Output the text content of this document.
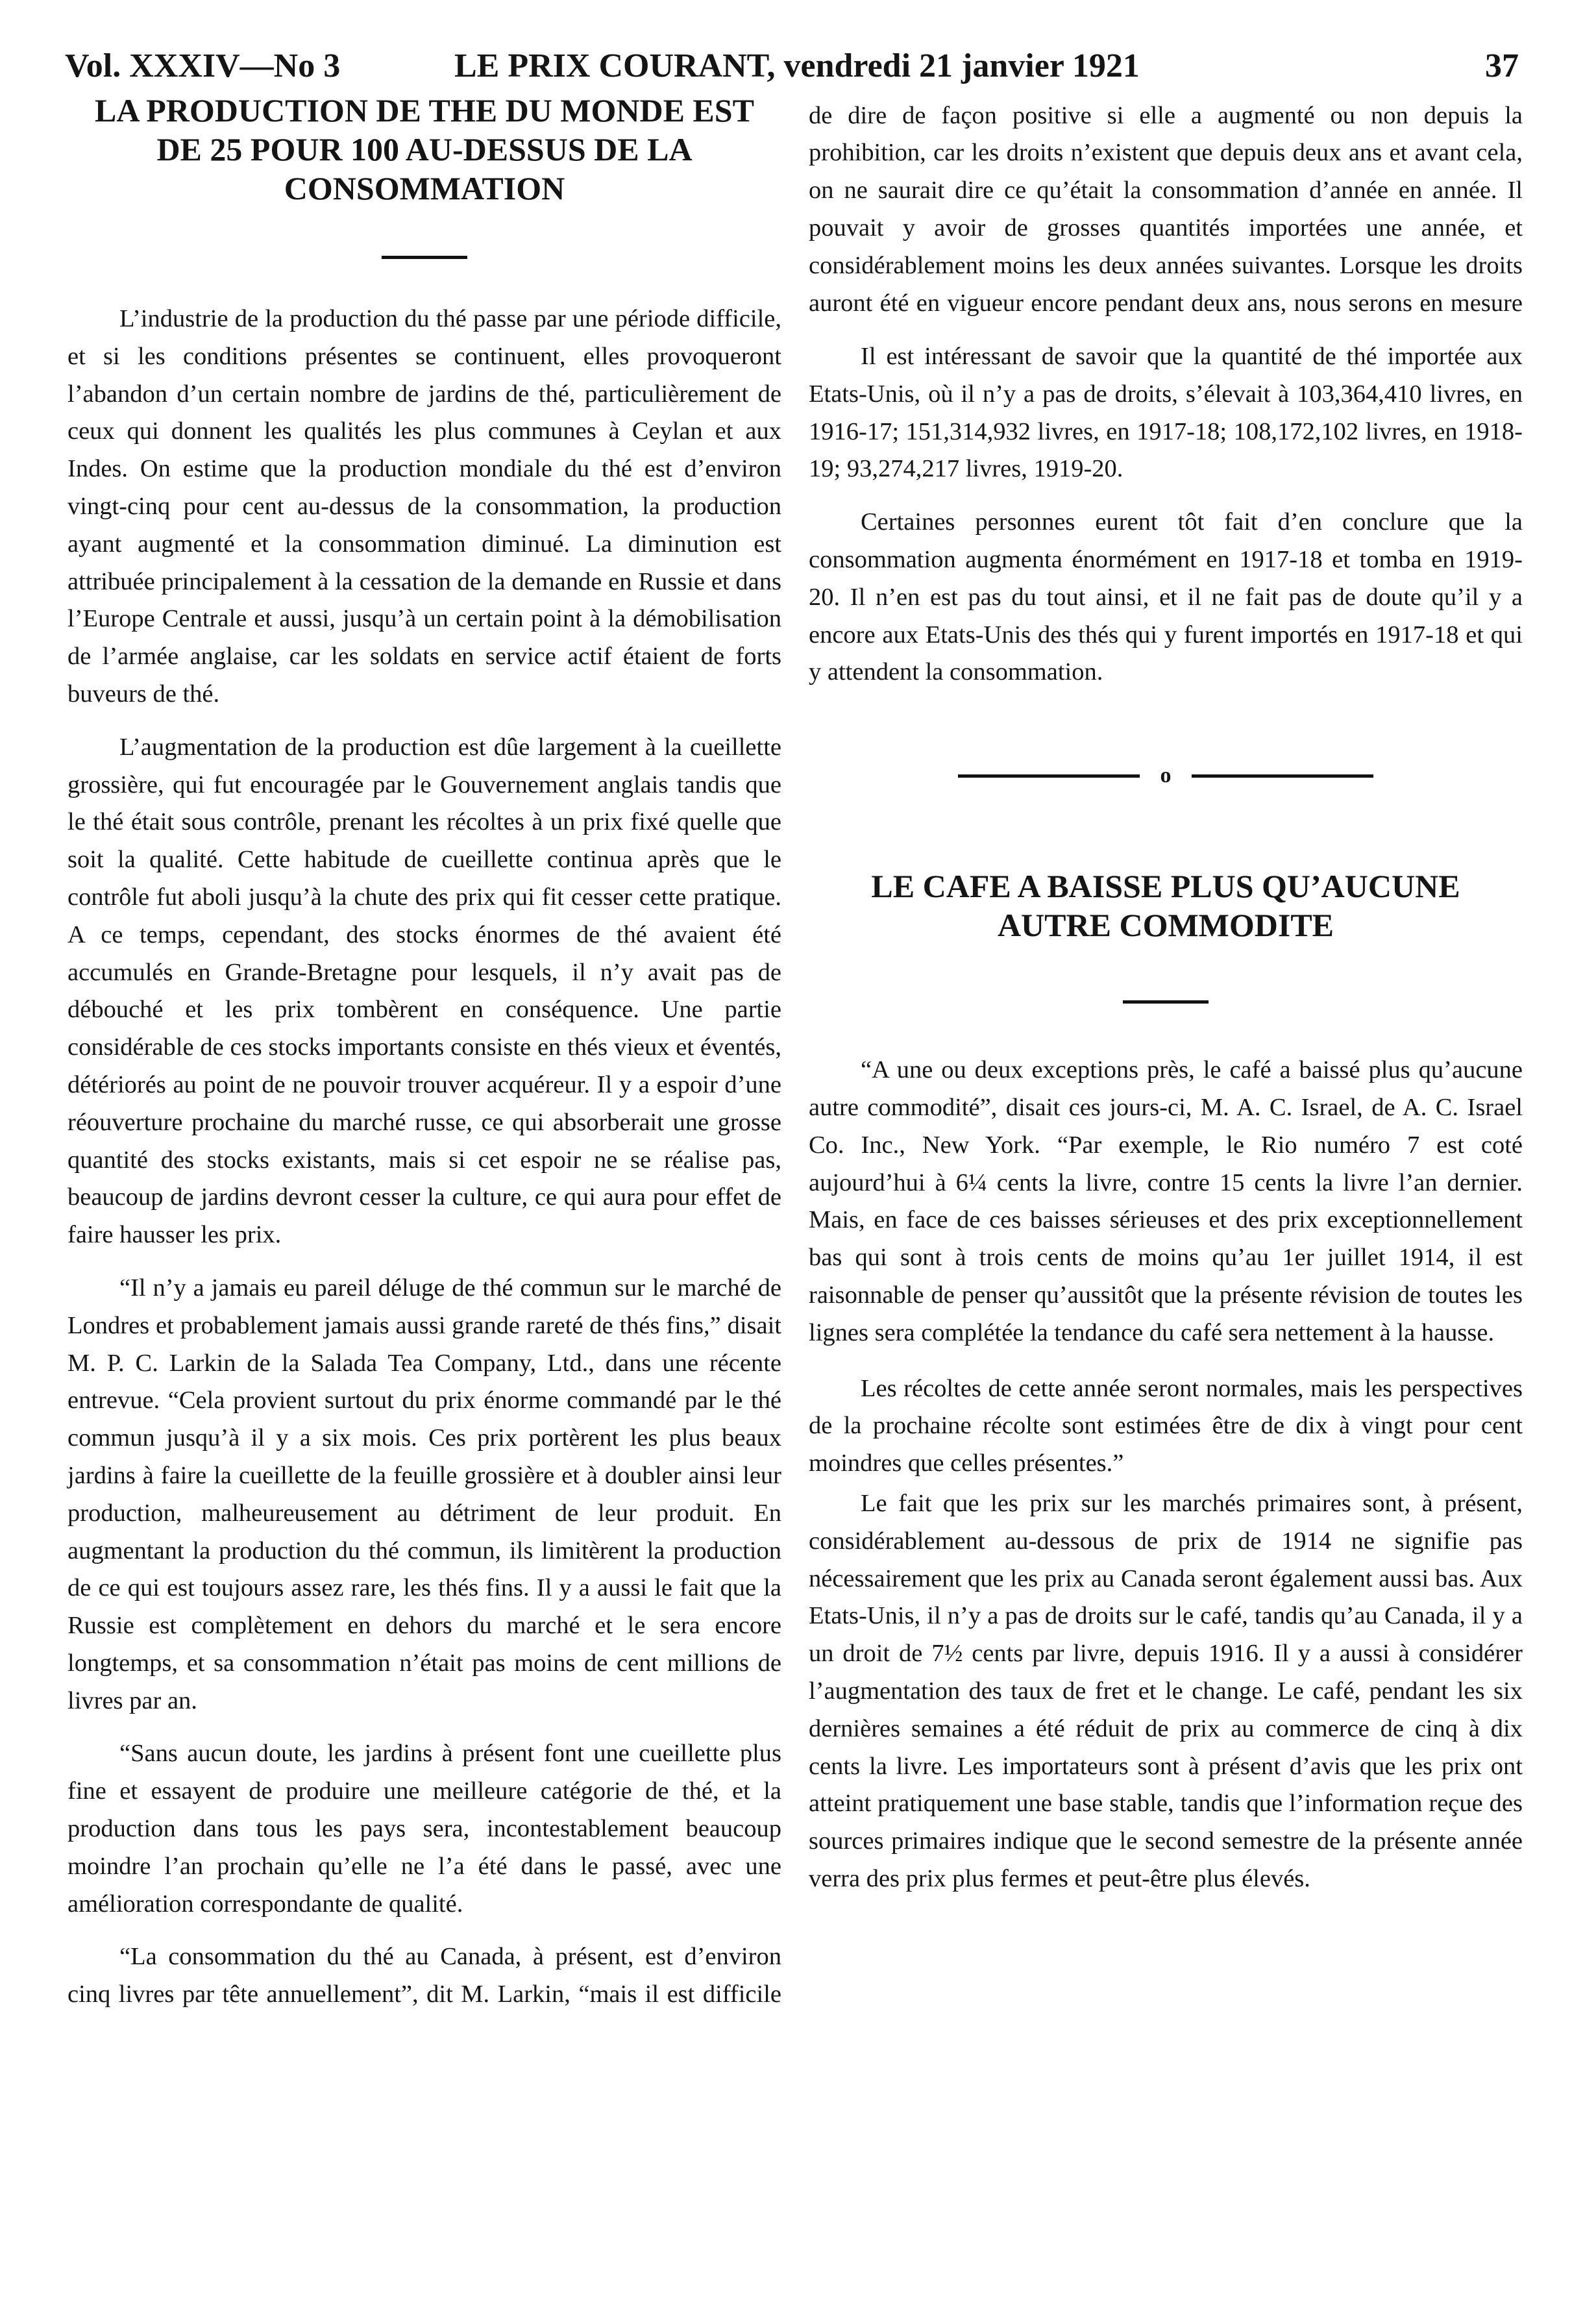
Vol. XXXIV—No 3	LE PRIX COURANT, vendredi 21 janvier 1921	37
LA PRODUCTION DE THE DU MONDE EST DE 25 POUR 100 AU-DESSUS DE LA CONSOMMATION

L’industrie de la production du thé passe par une période difficile, et si les conditions présentes se continuent, elles provoqueront l’abandon d’un certain nombre de jardins de thé, particulièrement de ceux qui donnent les qualités les plus communes à Ceylan et aux Indes. On estime que la production mondiale du thé est d’environ vingt-cinq pour cent au-dessus de la consommation, la production ayant augmenté et la consommation diminué. La diminution est attribuée principalement à la cessation de la demande en Russie et dans l’Europe Centrale et aussi, jusqu’à un certain point à la démobilisation de l’armée anglaise, car les soldats en service actif étaient de forts buveurs de thé.

L’augmentation de la production est dûe largement à la cueillette grossière, qui fut encouragée par le Gouvernement anglais tandis que le thé était sous contrôle, prenant les récoltes à un prix fixé quelle que soit la qualité. Cette habitude de cueillette continua après que le contrôle fut aboli jusqu’à la chute des prix qui fit cesser cette pratique. A ce temps, cependant, des stocks énormes de thé avaient été accumulés en Grande-Bretagne pour lesquels, il n’y avait pas de débouché et les prix tombèrent en conséquence. Une partie considérable de ces stocks importants consiste en thés vieux et éventés, détériorés au point de ne pouvoir trouver acquéreur. Il y a espoir d’une réouverture prochaine du marché russe, ce qui absorberait une grosse quantité des stocks existants, mais si cet espoir ne se réalise pas, beaucoup de jardins devront cesser la culture, ce qui aura pour effet de faire hausser les prix.

“Il n’y a jamais eu pareil déluge de thé commun sur le marché de Londres et probablement jamais aussi grande rareté de thés fins,” disait M. P. C. Larkin de la Salada Tea Company, Ltd., dans une récente entrevue. “Cela provient surtout du prix énorme commandé par le thé commun jusqu’à il y a six mois. Ces prix portèrent les plus beaux jardins à faire la cueillette de la feuille grossière et à doubler ainsi leur production, malheureusement au détriment de leur produit. En augmentant la production du thé commun, ils limitèrent la production de ce qui est toujours assez rare, les thés fins. Il y a aussi le fait que la Russie est complètement en dehors du marché et le sera encore longtemps, et sa consommation n’était pas moins de cent millions de livres par an.

“Sans aucun doute, les jardins à présent font une cueillette plus fine et essayent de produire une meilleure catégorie de thé, et la production dans tous les pays sera, incontestablement beaucoup moindre l’an prochain qu’elle ne l’a été dans le passé, avec une amélioration correspondante de qualité.

“La consommation du thé au Canada, à présent, est d’environ cinq livres par tête annuellement”, dit M. Larkin, “mais il est difficile

de dire de façon positive si elle a augmenté ou non depuis la prohibition, car les droits n’existent que depuis deux ans et avant cela, on ne saurait dire ce qu’était la consommation d’année en année. Il pouvait y avoir de grosses quantités importées une année, et considérablement moins les deux années suivantes. Lorsque les droits auront été en vigueur encore pendant deux ans, nous serons en mesure

Il est intéressant de savoir que la quantité de thé importée aux Etats-Unis, où il n’y a pas de droits, s’élevait à 103,364,410 livres, en 1916-17; 151,314,932 livres, en 1917-18; 108,172,102 livres, en 1918-19; 93,274,217 livres, 1919-20.

Certaines personnes eurent tôt fait d’en conclure que la consommation augmenta énormément en 1917-18 et tomba en 1919-20. Il n’en est pas du tout ainsi, et il ne fait pas de doute qu’il y a encore aux Etats-Unis des thés qui y furent importés en 1917-18 et qui y attendent la consommation.

o
LE CAFE A BAISSE PLUS QU’AUCUNE AUTRE COMMODITE

“A une ou deux exceptions près, le café a baissé plus qu’aucune autre commodité”, disait ces jours-ci, M. A. C. Israel, de A. C. Israel Co. Inc., New York. “Par exemple, le Rio numéro 7 est coté aujourd’hui à 6¼ cents la livre, contre 15 cents la livre l’an dernier. Mais, en face de ces baisses sérieuses et des prix exceptionnellement bas qui sont à trois cents de moins qu’au 1er juillet 1914, il est raisonnable de penser qu’aussitôt que la présente révision de toutes les lignes sera complétée la tendance du café sera nettement à la hausse.

Les récoltes de cette année seront normales, mais les perspectives de la prochaine récolte sont estimées être de dix à vingt pour cent moindres que celles présentes.”

Le fait que les prix sur les marchés primaires sont, à présent, considérablement au-dessous de prix de 1914 ne signifie pas nécessairement que les prix au Canada seront également aussi bas. Aux Etats-Unis, il n’y a pas de droits sur le café, tandis qu’au Canada, il y a un droit de 7½ cents par livre, depuis 1916. Il y a aussi à considérer l’augmentation des taux de fret et le change. Le café, pendant les six dernières semaines a été réduit de prix au commerce de cinq à dix cents la livre. Les importateurs sont à présent d’avis que les prix ont atteint pratiquement une base stable, tandis que l’information reçue des sources primaires indique que le second semestre de la présente année verra des prix plus fermes et peut-être plus élevés.
